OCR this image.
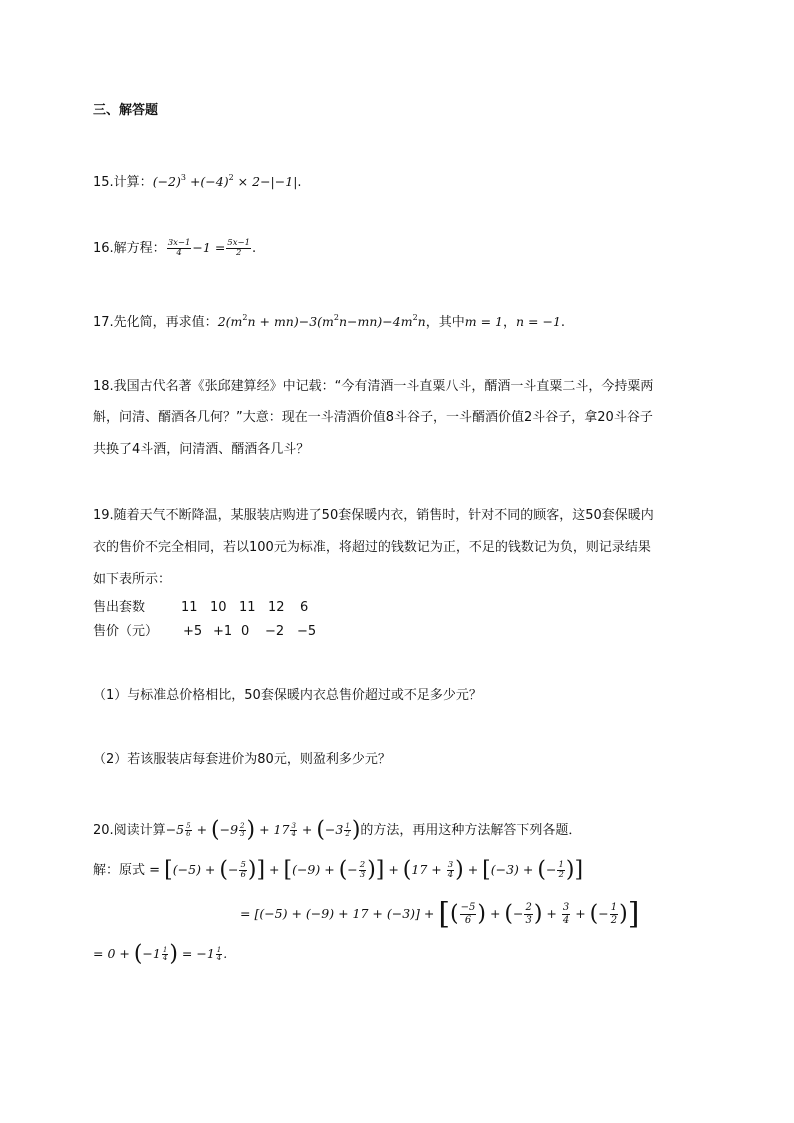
三、解答题
15.计算：$(-2)^3 +(-4)^2 \times 2-|-1|$.
16.解方程： $\frac{3x-1}{4} -1 = \frac{5x-1}{2}$ .
17.先化简，再求值：$2(m^2n + mn)-3(m^2n-mn)-4m^2n$，其中m = 1，n = −1.
18.我国古代名著《张邱建算经》中记载：“今有清酒一斗直粟八斗，醑酒一斗直粟二斗，今持粟两
斛，问清、醑酒各几何？”大意：现在一斗清酒价值8斗谷子，一斗醑酒价值2斗谷子，拿20斗谷子
共换了4斗酒，问清酒、醑酒各几斗？
19.随着天气不断降温，某服装店购进了50套保暖内衣，销售时，针对不同的顾客，这50套保暖内
衣的售价不完全相同，若以100元为标准，将超过的钱数记为正，不足的钱数记为负，则记录结果
如下表所示：
售出套数	11 10 11 12 6
售价（元） +5 +1 0 −2 −5
（1）与标准总价格相比，50套保暖内衣总售价超过或不足多少元？
（2）若该服装店每套进价为80元，则盈利多少元？
20.阅读计算$-5 \frac{5}{6} + (-9 \frac{2}{3}$ ) + $17 \frac{3}{4} + (-3 \frac{1}{2}$ )的方法，再用这种方法解答下列各题．
解：原式 = [(−5) + (− $\frac{5}{6}$ )] + [(−9) + (− $\frac{2}{3}$ )] + ($17 + \frac{3}{4}$ ) + [(−3) + (− $\frac{1}{2}$ )]
= [(−5) + (−9) + 17 + (−3)] + [( $\frac{-5}{6}$ ) + (− $\frac{2}{3}$ ) + $\frac{3}{4}$ + (− $\frac{1}{2}$ )]
= $0 + (-1 \frac{1}{4}$ ) = $-1 \frac{1}{4}$ .
